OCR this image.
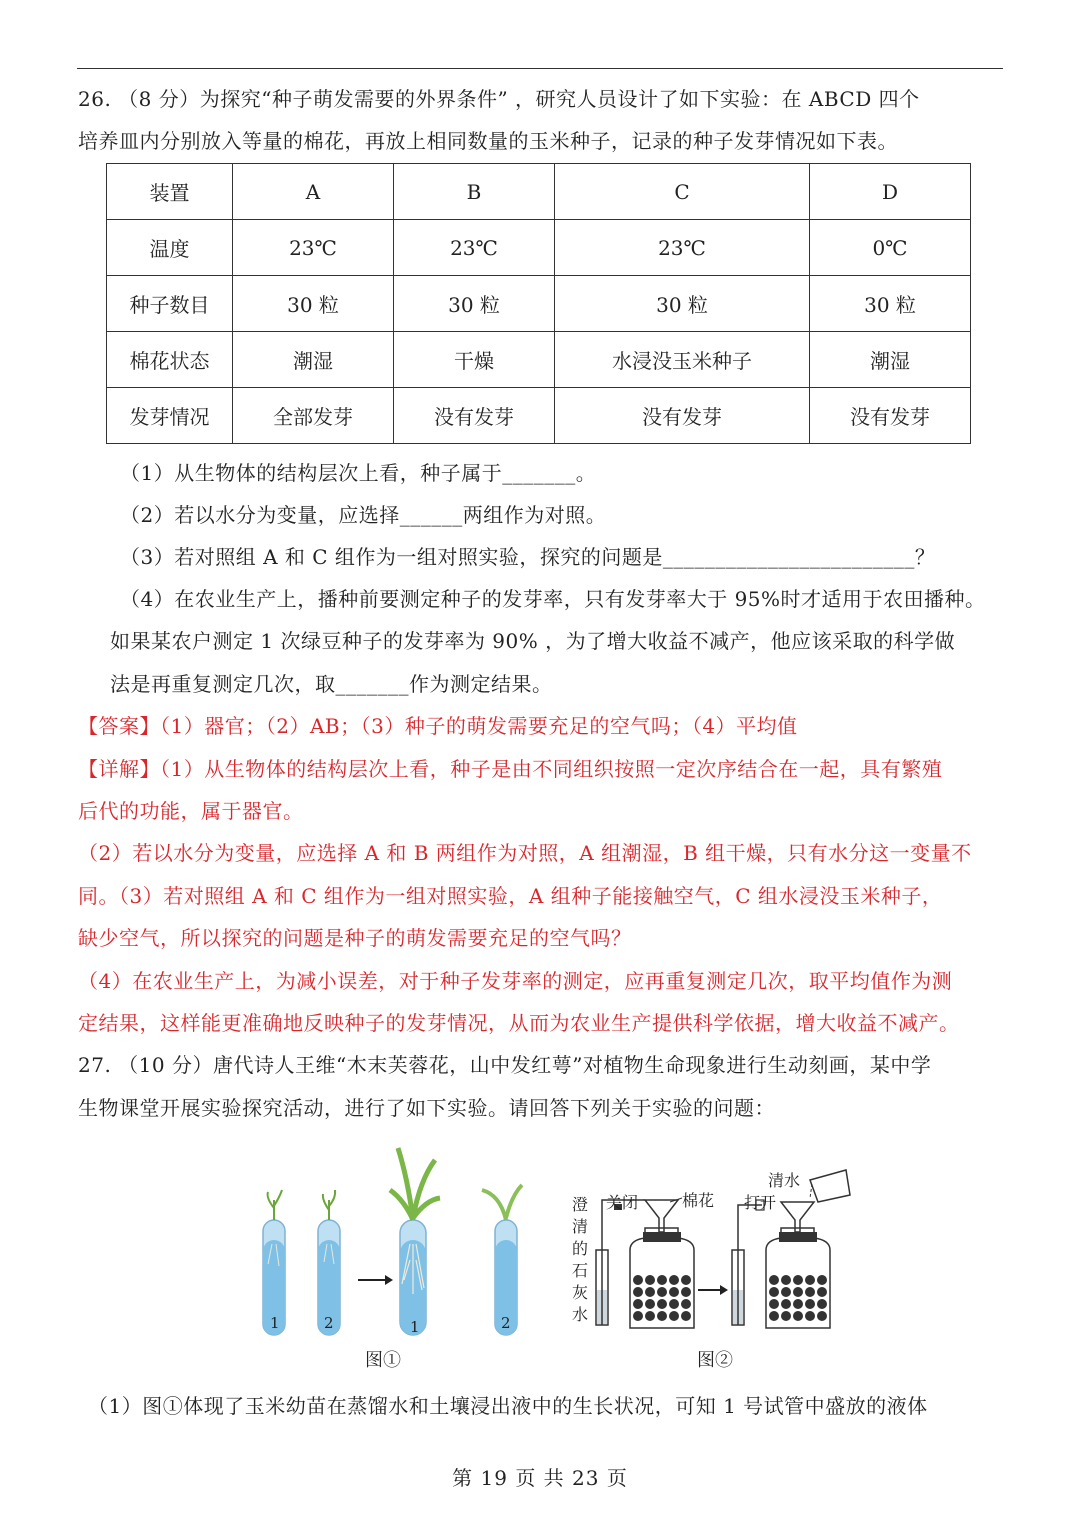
26. （8 分）为探究“种子萌发需要的外界条件” ，研究人员设计了如下实验：在 ABCD 四个
培养皿内分别放入等量的棉花，再放上相同数量的玉米种子，记录的种子发芽情况如下表。
装置	A	B	C	D
温度	23℃	23℃	23℃	0℃
种子数目	30 粒	30 粒	30 粒	30 粒
棉花状态	潮湿	干燥	水浸没玉米种子	潮湿
发芽情况	全部发芽	没有发芽	没有发芽	没有发芽
（1）从生物体的结构层次上看，种子属于_______。
（2）若以水分为变量，应选择______两组作为对照。
（3）若对照组 A 和 C 组作为一组对照实验，探究的问题是________________________？
（4）在农业生产上，播种前要测定种子的发芽率，只有发芽率大于 95%时才适用于农田播种。
如果某农户测定 1 次绿豆种子的发芽率为 90% ，为了增大收益不减产，他应该采取的科学做
法是再重复测定几次，取_______作为测定结果。
【答案】（1）器官；（2）AB；（3）种子的萌发需要充足的空气吗；（4）平均值
【详解】（1）从生物体的结构层次上看，种子是由不同组织按照一定次序结合在一起，具有繁殖
后代的功能，属于器官。
（2）若以水分为变量，应选择 A 和 B 两组作为对照，A 组潮湿，B 组干燥，只有水分这一变量不
同。（3）若对照组 A 和 C 组作为一组对照实验，A 组种子能接触空气，C 组水浸没玉米种子，
缺少空气，所以探究的问题是种子的萌发需要充足的空气吗？
（4）在农业生产上，为减小误差，对于种子发芽率的测定，应再重复测定几次，取平均值作为测
定结果，这样能更准确地反映种子的发芽情况，从而为农业生产提供科学依据，增大收益不减产。
27. （10 分）唐代诗人王维“木末芙蓉花，山中发红萼”对植物生命现象进行生动刻画，某中学
生物课堂开展实验探究活动，进行了如下实验。请回答下列关于实验的问题：
1	2	1	2
澄
清
的
石
灰
水
关闭	棉花 打开
清水
图①	图②
（1）图①体现了玉米幼苗在蒸馏水和土壤浸出液中的生长状况，可知 1 号试管中盛放的液体
第 19 页 共 23 页
